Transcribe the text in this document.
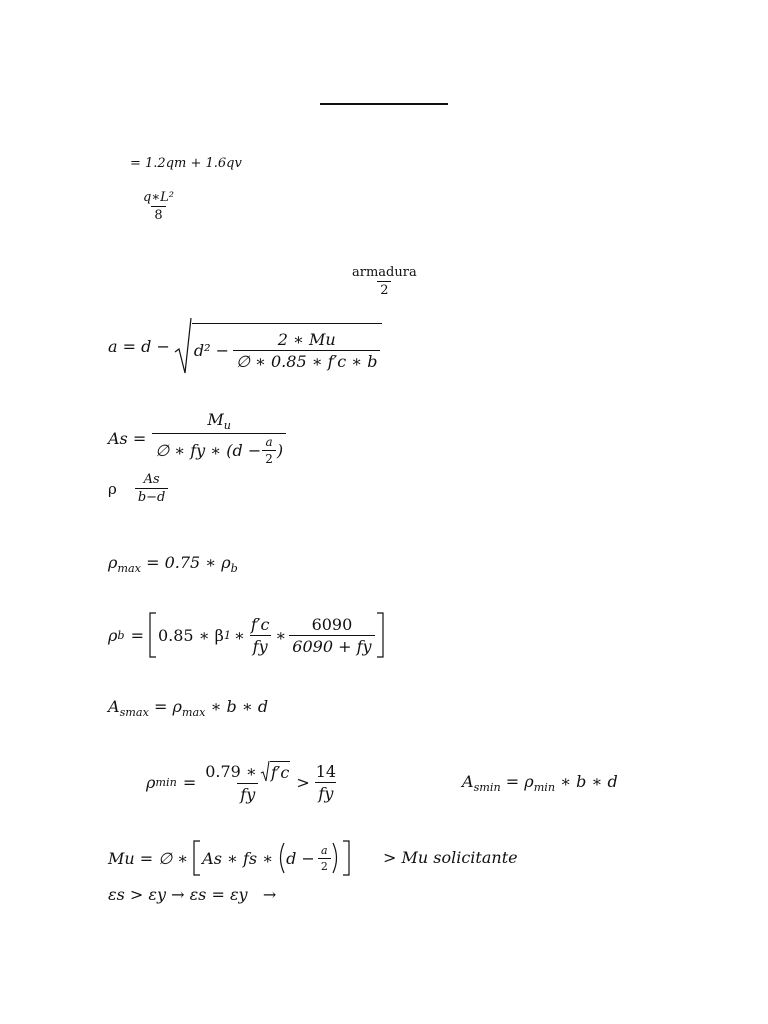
= 1.2qm + 1.6qv
$\frac{\text{q∗L²}}{8}$
$\frac{\text{armadura}}{2}$
$a = d - d^2 - \frac{2 ∗ Mu}{\emptyset ∗ 0.85 ∗ f'c ∗ b}$
$As = \frac{M_u}{\emptyset ∗ fy ∗ (d - \frac{a}{2} )}$
ρ $\frac{As}{b-d}$
$\rho_{max} = 0.75$ ∗ $\rho_b$
ρ b = 0.85 ∗ β 1 ∗ $\frac{f'c}{fy}$ ∗ $\frac{6090}{6090 + fy}$
$A_{smax} = \rho_{max}$ ∗ b ∗ d
ρ $\min = \frac{0.79 ∗ f'c}{fy} > \frac{14}{fy}$	$A_{smin} = \rho_{min}$ ∗ b ∗ d
Mu = ∅ ∗ As ∗ fs ∗ $d - \frac{a}{2}$	> Mu solicitante
εs > εy → εs = εy   →
